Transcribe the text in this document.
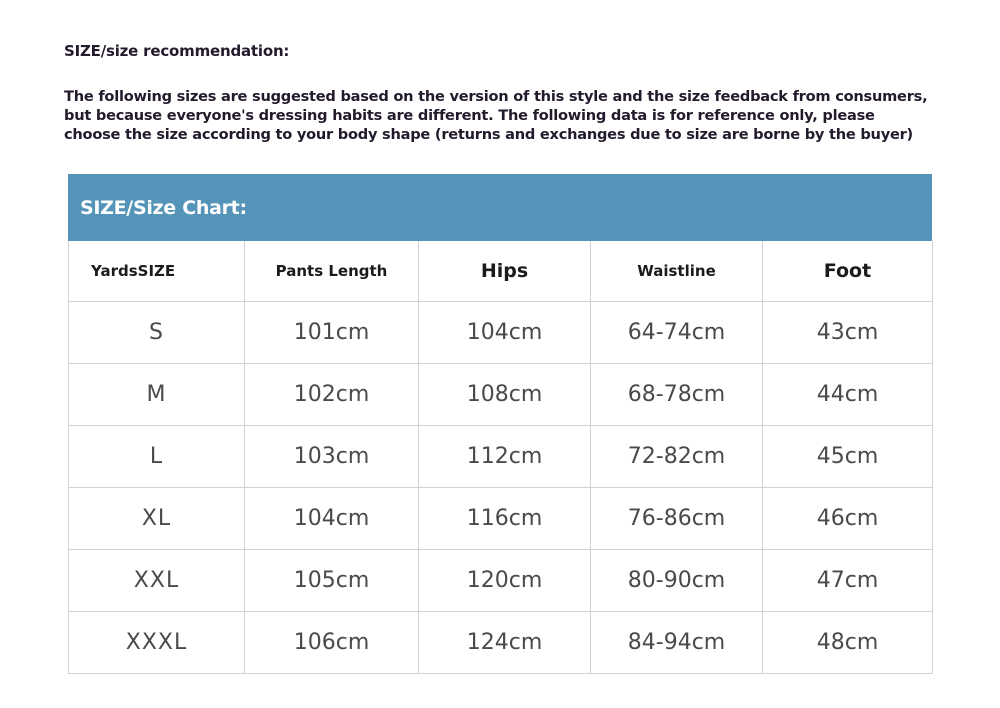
SIZE/size recommendation:
The following sizes are suggested based on the version of this style and the size feedback from consumers,
but because everyone's dressing habits are different. The following data is for reference only, please
choose the size according to your body shape (returns and exchanges due to size are borne by the buyer)
SIZE/Size Chart:
YardsSIZE	Pants Length	Hips	Waistline	Foot
S	101cm	104cm	64-74cm	43cm
M	102cm	108cm	68-78cm	44cm
L	103cm	112cm	72-82cm	45cm
XL	104cm	116cm	76-86cm	46cm
XXL	105cm	120cm	80-90cm	47cm
XXXL	106cm	124cm	84-94cm	48cm
